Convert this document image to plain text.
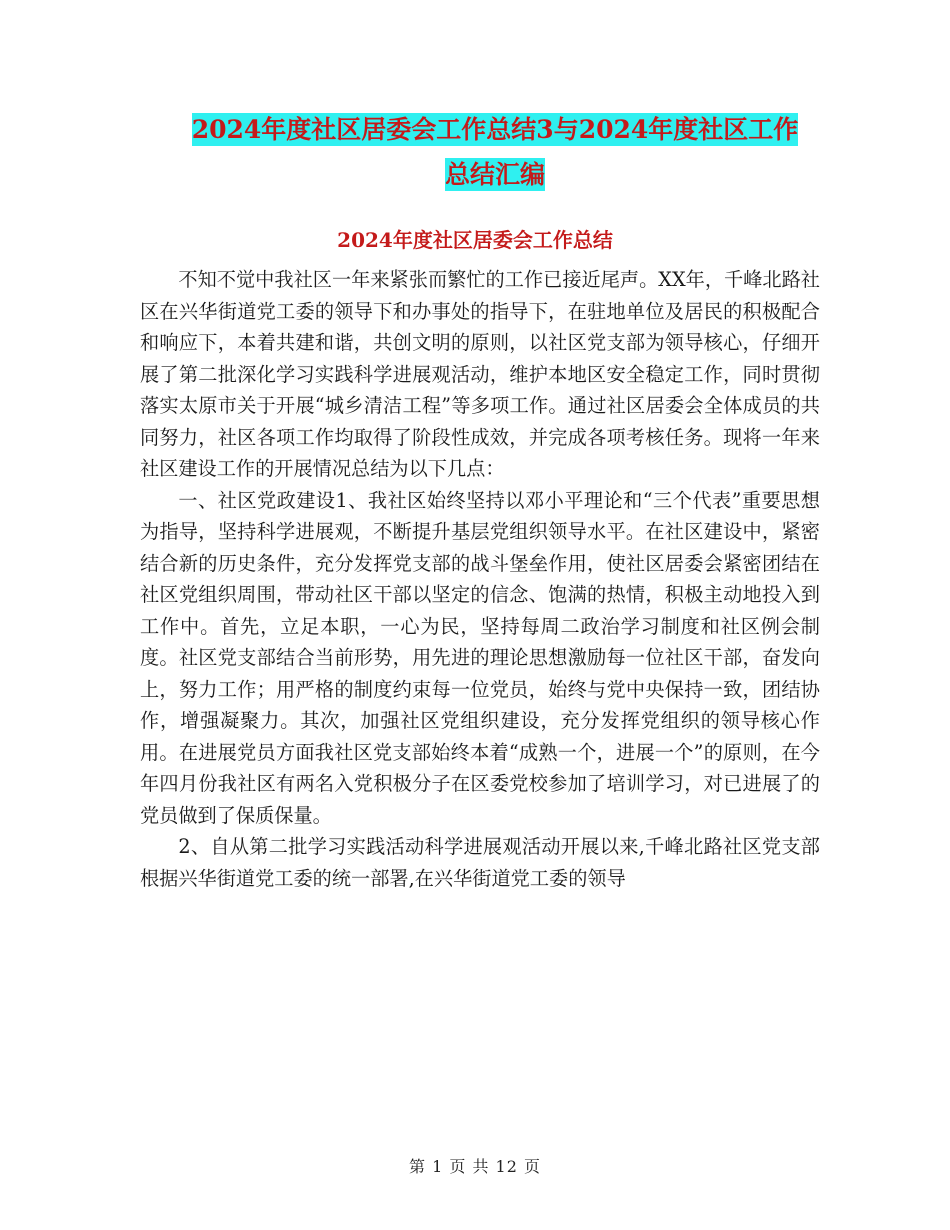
2024年度社区居委会工作总结3与2024年度社区工作
总结汇编
2024年度社区居委会工作总结

不知不觉中我社区一年来紧张而繁忙的工作已接近尾声。XX年，千峰北路社区在兴华街道党工委的领导下和办事处的指导下，在驻地单位及居民的积极配合和响应下，本着共建和谐，共创文明的原则，以社区党支部为领导核心，仔细开展了第二批深化学习实践科学进展观活动，维护本地区安全稳定工作，同时贯彻落实太原市关于开展“城乡清洁工程”等多项工作。通过社区居委会全体成员的共同努力，社区各项工作均取得了阶段性成效，并完成各项考核任务。现将一年来社区建设工作的开展情况总结为以下几点：

一、社区党政建设1、我社区始终坚持以邓小平理论和“三个代表”重要思想为指导，坚持科学进展观，不断提升基层党组织领导水平。在社区建设中，紧密结合新的历史条件，充分发挥党支部的战斗堡垒作用，使社区居委会紧密团结在社区党组织周围，带动社区干部以坚定的信念、饱满的热情，积极主动地投入到工作中。首先，立足本职，一心为民，坚持每周二政治学习制度和社区例会制度。社区党支部结合当前形势，用先进的理论思想激励每一位社区干部，奋发向上，努力工作；用严格的制度约束每一位党员，始终与党中央保持一致，团结协作，增强凝聚力。其次，加强社区党组织建设，充分发挥党组织的领导核心作用。在进展党员方面我社区党支部始终本着“成熟一个，进展一个”的原则，在今年四月份我社区有两名入党积极分子在区委党校参加了培训学习，对已进展了的党员做到了保质保量。

2、自从第二批学习实践活动科学进展观活动开展以来,千峰北路社区党支部根据兴华街道党工委的统一部署,在兴华街道党工委的领导

第 1 页 共 12 页
